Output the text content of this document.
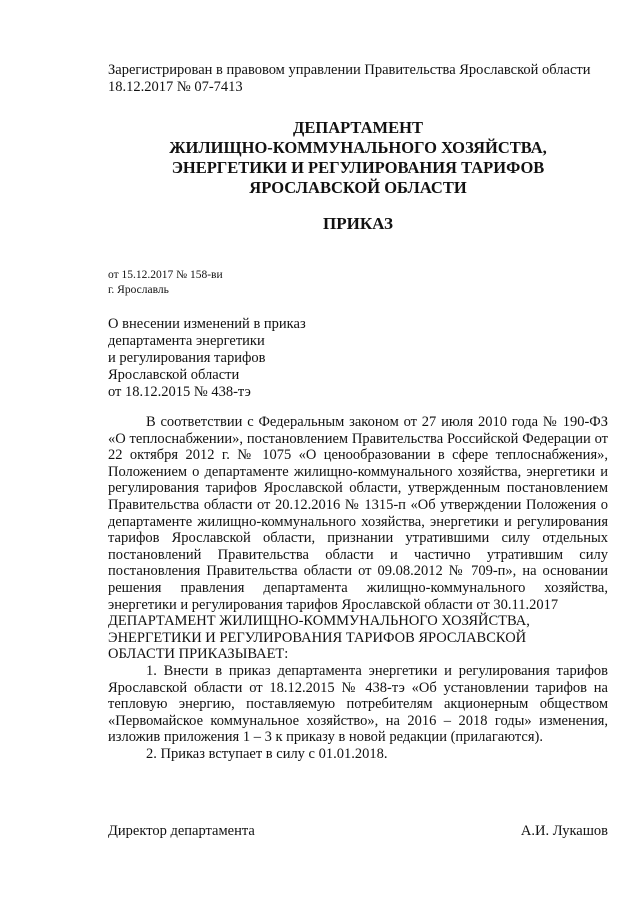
Зарегистрирован в правовом управлении Правительства Ярославской области
18.12.2017 № 07-7413
ДЕПАРТАМЕНТ
ЖИЛИЩНО-КОММУНАЛЬНОГО ХОЗЯЙСТВА,
ЭНЕРГЕТИКИ И РЕГУЛИРОВАНИЯ ТАРИФОВ
ЯРОСЛАВСКОЙ ОБЛАСТИ
ПРИКАЗ
от 15.12.2017 № 158-ви
г. Ярославль
О внесении изменений в приказ
департамента энергетики
и регулирования тарифов
Ярославской области
от 18.12.2015 № 438-тэ

В соответствии с Федеральным законом от 27 июля 2010 года № 190-ФЗ «О теплоснабжении», постановлением Правительства Российской Федерации от 22 октября 2012 г. № 1075 «О ценообразовании в сфере теплоснабжения», Положением о департаменте жилищно-коммунального хозяйства, энергетики и регулирования тарифов Ярославской области, утвержденным постановлением Правительства области от 20.12.2016 № 1315-п «Об утверждении Положения о департаменте жилищно-коммунального хозяйства, энергетики и регулирования тарифов Ярославской области, признании утратившими силу отдельных постановлений Правительства области и частично утратившим силу постановления Правительства области от 09.08.2012 № 709-п», на основании решения правления департамента жилищно-коммунального хозяйства, энергетики и регулирования тарифов Ярославской области от 30.11.2017

ДЕПАРТАМЕНТ ЖИЛИЩНО-КОММУНАЛЬНОГО ХОЗЯЙСТВА,

ЭНЕРГЕТИКИ И РЕГУЛИРОВАНИЯ ТАРИФОВ ЯРОСЛАВСКОЙ

ОБЛАСТИ ПРИКАЗЫВАЕТ:

1. Внести в приказ департамента энергетики и регулирования тарифов Ярославской области от 18.12.2015 № 438-тэ «Об установлении тарифов на тепловую энергию, поставляемую потребителям акционерным обществом «Первомайское коммунальное хозяйство», на 2016 – 2018 годы» изменения, изложив приложения 1 – 3 к приказу в новой редакции (прилагаются).

2. Приказ вступает в силу с 01.01.2018.

Директор департамента	А.И. Лукашов
